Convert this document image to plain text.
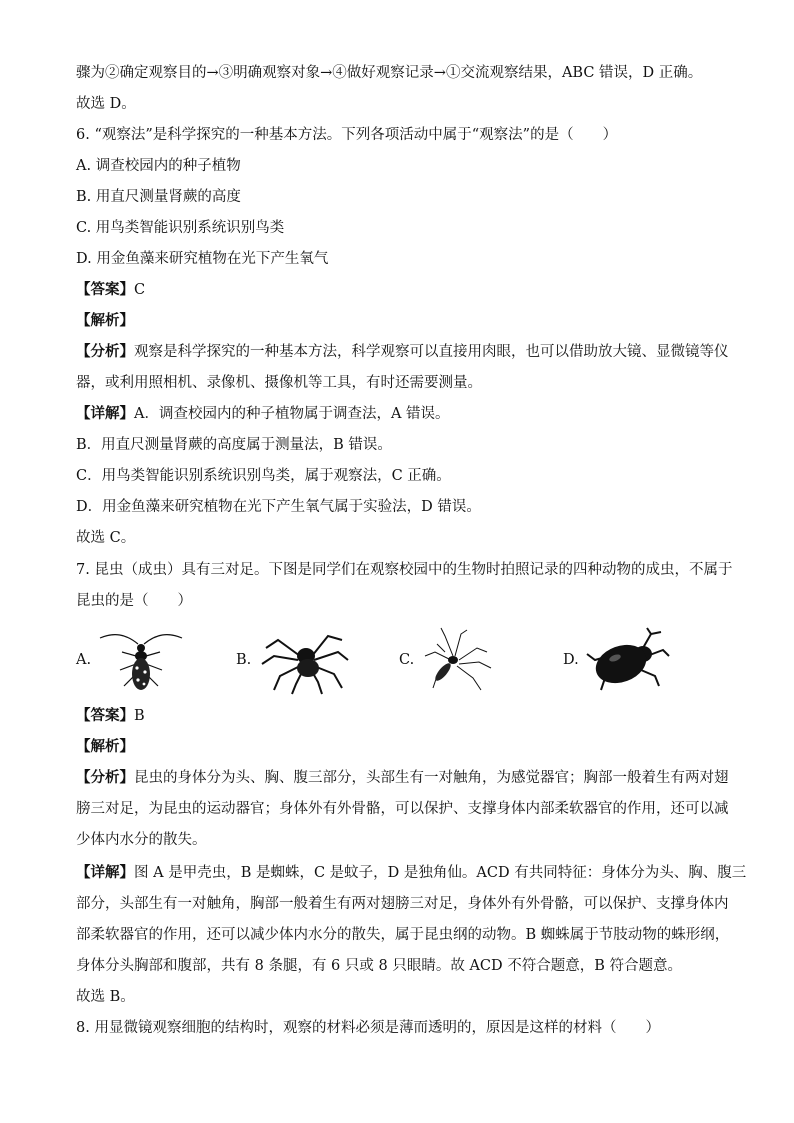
骤为②确定观察目的→③明确观察对象→④做好观察记录→①交流观察结果，ABC 错误，D 正确。
故选 D。
6. “观察法”是科学探究的一种基本方法。下列各项活动中属于“观察法”的是（　　）
A. 调查校园内的种子植物
B. 用直尺测量肾蕨的高度
C. 用鸟类智能识别系统识别鸟类
D. 用金鱼藻来研究植物在光下产生氧气
【答案】C
【解析】
【分析】观察是科学探究的一种基本方法，科学观察可以直接用肉眼，也可以借助放大镜、显微镜等仪
器，或利用照相机、录像机、摄像机等工具，有时还需要测量。
【详解】A．调查校园内的种子植物属于调查法，A 错误。
B．用直尺测量肾蕨的高度属于测量法，B 错误。
C．用鸟类智能识别系统识别鸟类，属于观察法，C 正确。
D．用金鱼藻来研究植物在光下产生氧气属于实验法，D 错误。
故选 C。
7. 昆虫（成虫）具有三对足。下图是同学们在观察校园中的生物时拍照记录的四种动物的成虫，不属于
昆虫的是（　　）
A.	B.	C.	D.
【答案】B
【解析】
【分析】昆虫的身体分为头、胸、腹三部分，头部生有一对触角，为感觉器官；胸部一般着生有两对翅
膀三对足，为昆虫的运动器官；身体外有外骨骼，可以保护、支撑身体内部柔软器官的作用，还可以减
少体内水分的散失。
【详解】图 A 是甲壳虫，B 是蜘蛛，C 是蚊子，D 是独角仙。ACD 有共同特征：身体分为头、胸、腹三
部分，头部生有一对触角，胸部一般着生有两对翅膀三对足，身体外有外骨骼，可以保护、支撑身体内
部柔软器官的作用，还可以减少体内水分的散失，属于昆虫纲的动物。B 蜘蛛属于节肢动物的蛛形纲，
身体分头胸部和腹部，共有 8 条腿，有 6 只或 8 只眼睛。故 ACD 不符合题意，B 符合题意。
故选 B。
8. 用显微镜观察细胞的结构时，观察的材料必须是薄而透明的，原因是这样的材料（　　）
